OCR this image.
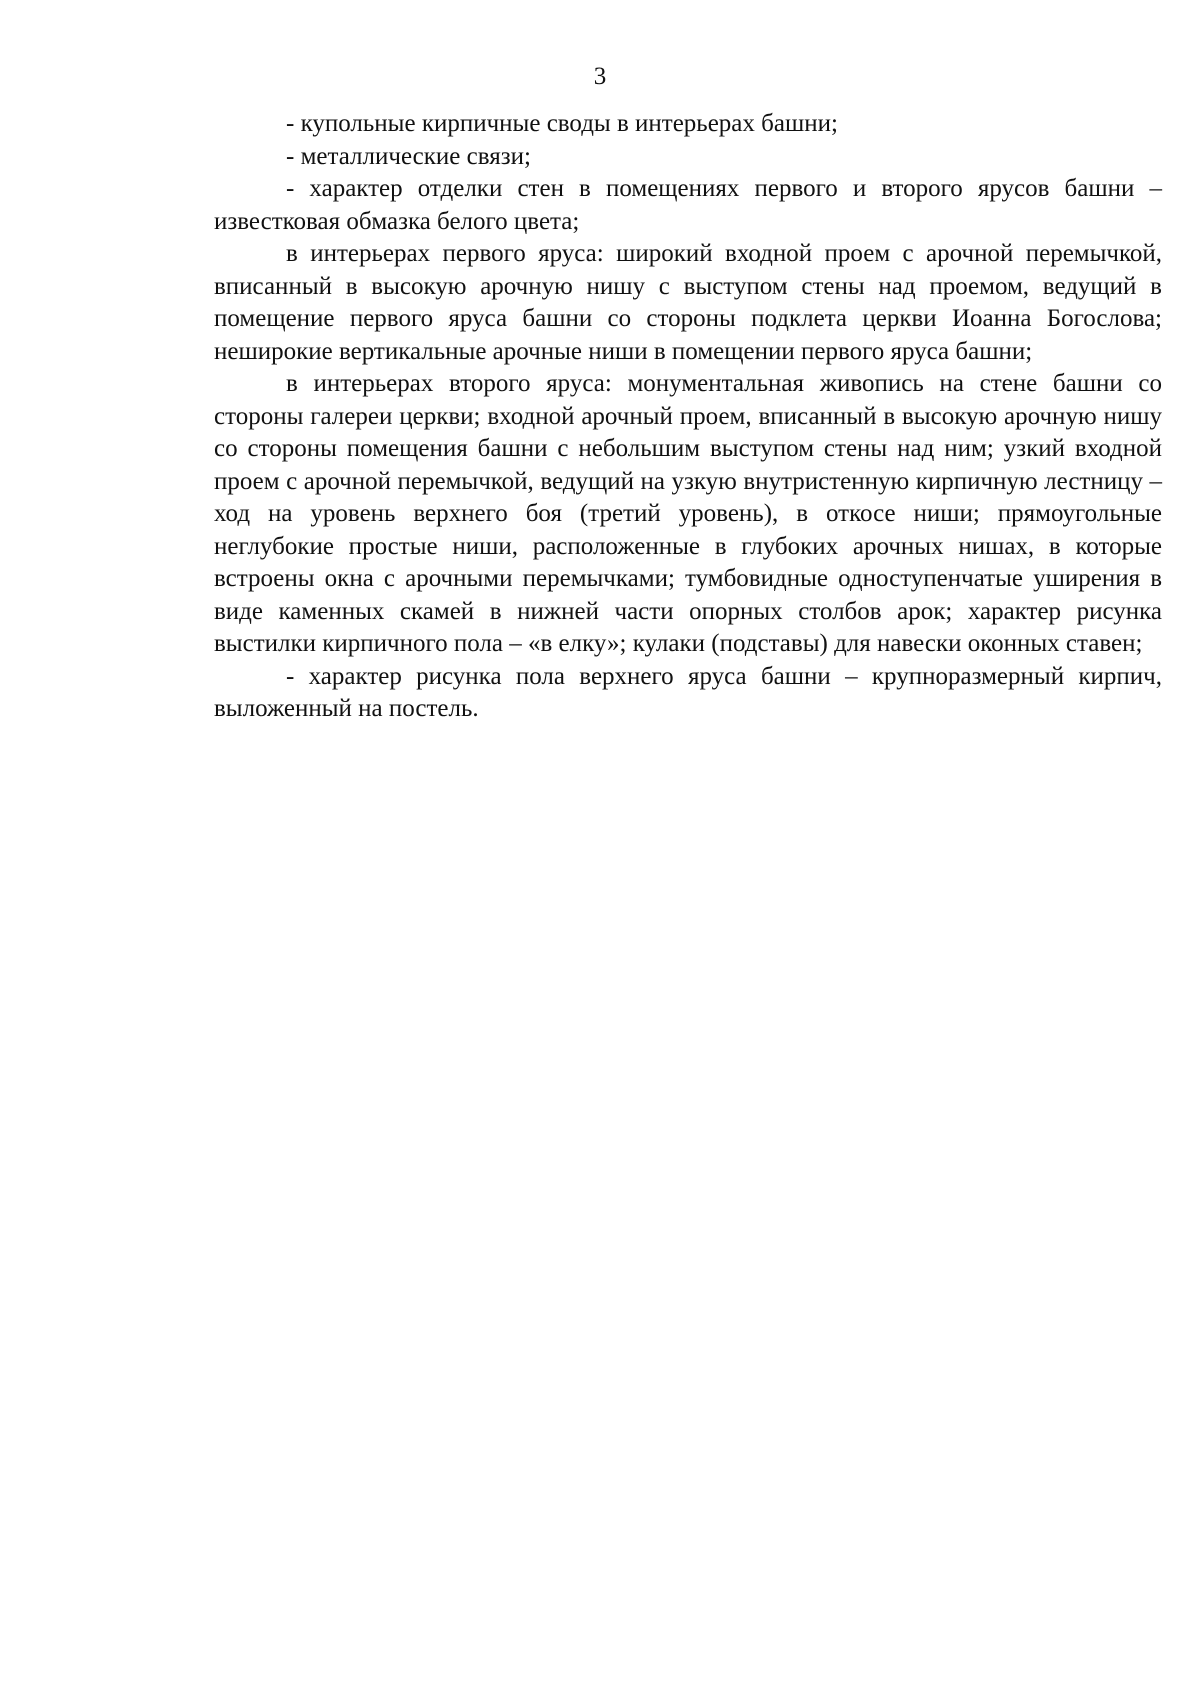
3

- купольные кирпичные своды в интерьерах башни;

- металлические связи;

- характер отделки стен в помещениях первого и второго ярусов башни – известковая обмазка белого цвета;

в интерьерах первого яруса: широкий входной проем с арочной перемычкой, вписанный в высокую арочную нишу с выступом стены над проемом, ведущий в помещение первого яруса башни со стороны подклета церкви Иоанна Богослова; неширокие вертикальные арочные ниши в помещении первого яруса башни;

в интерьерах второго яруса: монументальная живопись на стене башни со стороны галереи церкви; входной арочный проем, вписанный в высокую арочную нишу со стороны помещения башни с небольшим выступом стены над ним; узкий входной проем с арочной перемычкой, ведущий на узкую внутристенную кирпичную лестницу – ход на уровень верхнего боя (третий уровень), в откосе ниши; прямоугольные неглубокие простые ниши, расположенные в глубоких арочных нишах, в которые встроены окна с арочными перемычками; тумбовидные одноступенчатые уширения в виде каменных скамей в нижней части опорных столбов арок; характер рисунка выстилки кирпичного пола – «в елку»; кулаки (подставы) для навески оконных ставен;

- характер рисунка пола верхнего яруса башни – крупноразмерный кирпич, выложенный на постель.
